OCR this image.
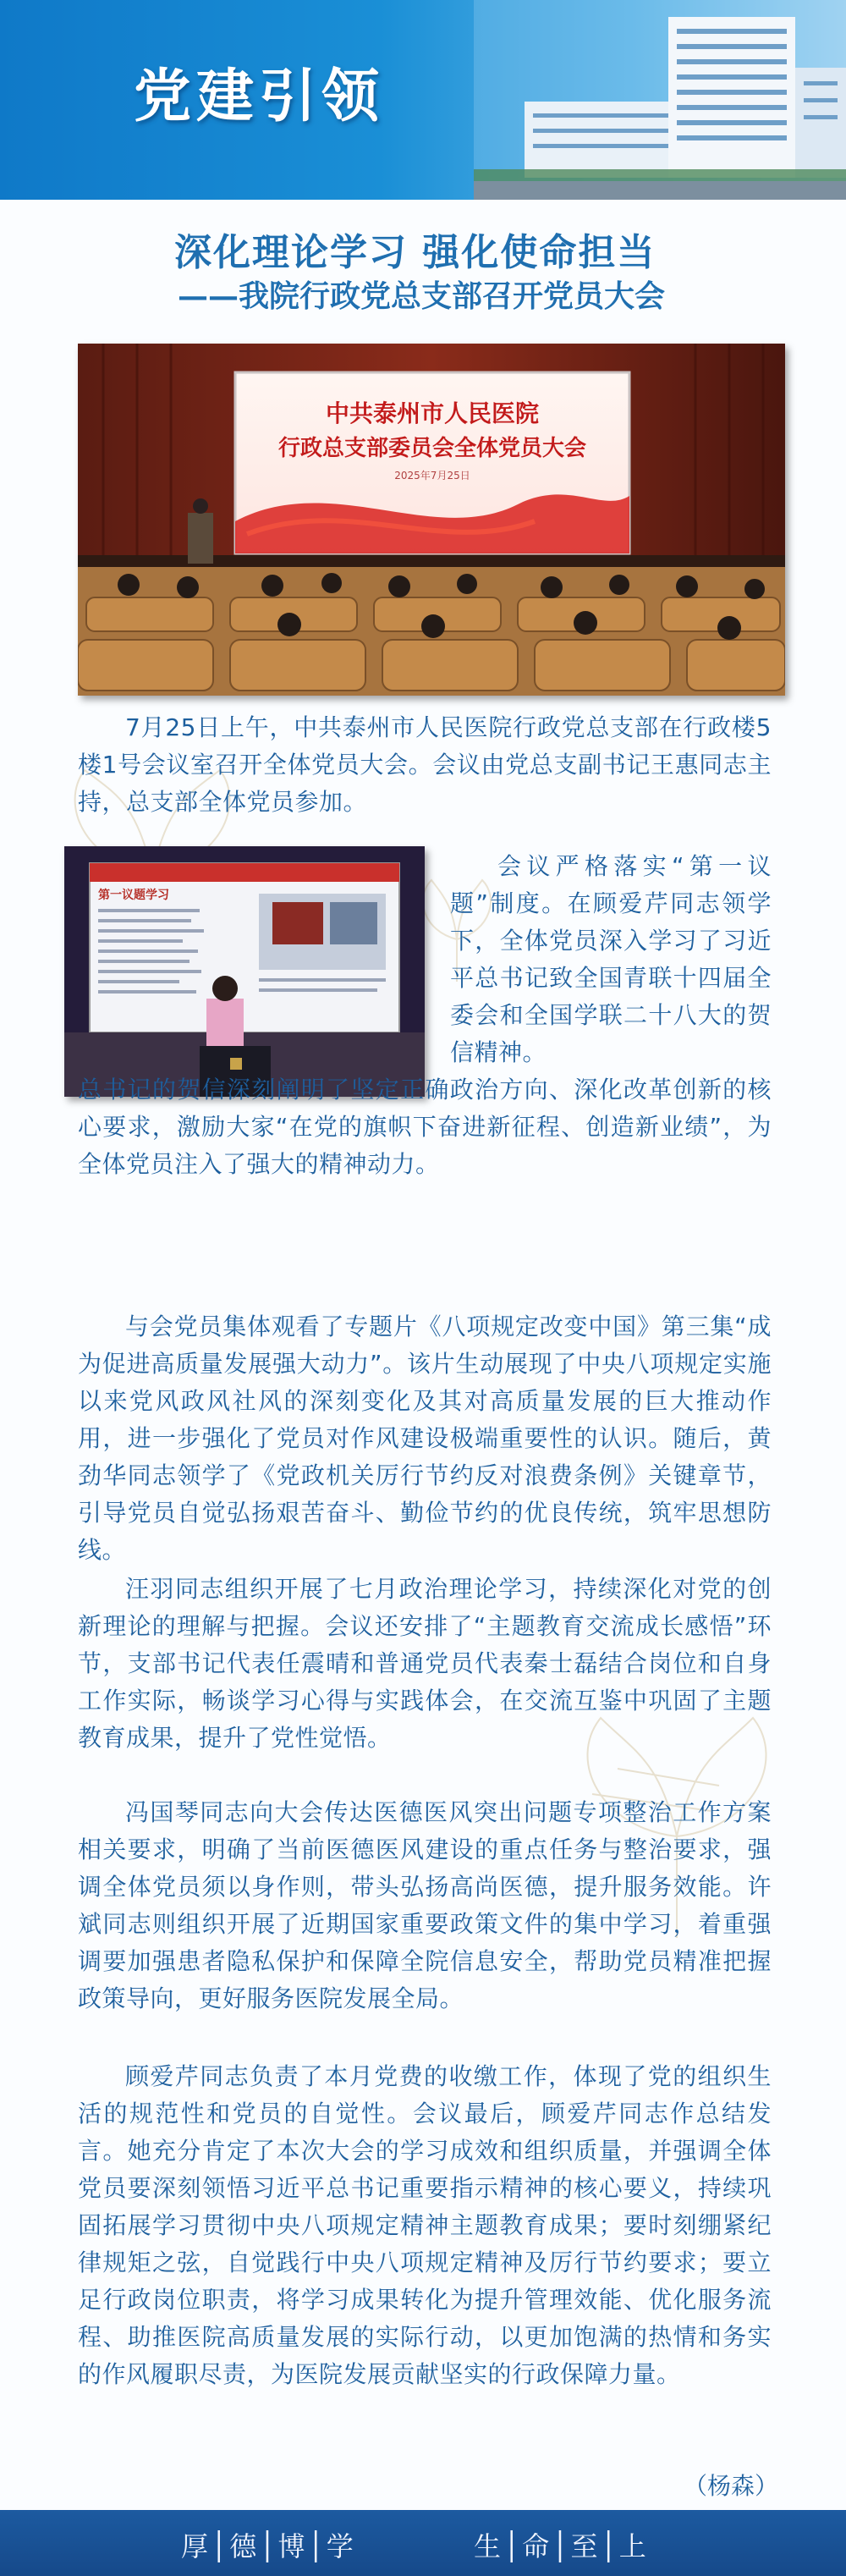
党建引领
深化理论学习 强化使命担当
——我院行政党总支部召开党员大会
中共泰州市人民医院
行政总支部委员会全体党员大会
2025年7月25日

7月25日上午，中共泰州市人民医院行政党总支部在行政楼5楼1号会议室召开全体党员大会。会议由党总支副书记王惠同志主持，总支部全体党员参加。

第一议题学习

会议严格落实“第一议题”制度。在顾爱芹同志领学下，全体党员深入学习了习近平总书记致全国青联十四届全委会和全国学联二十八大的贺信精神。

总书记的贺信深刻阐明了坚定正确政治方向、深化改革创新的核心要求，激励大家“在党的旗帜下奋进新征程、创造新业绩”，为全体党员注入了强大的精神动力。

与会党员集体观看了专题片《八项规定改变中国》第三集“成为促进高质量发展强大动力”。该片生动展现了中央八项规定实施以来党风政风社风的深刻变化及其对高质量发展的巨大推动作用，进一步强化了党员对作风建设极端重要性的认识。随后，黄劲华同志领学了《党政机关厉行节约反对浪费条例》关键章节，引导党员自觉弘扬艰苦奋斗、勤俭节约的优良传统，筑牢思想防线。

汪羽同志组织开展了七月政治理论学习，持续深化对党的创新理论的理解与把握。会议还安排了“主题教育交流成长感悟”环节，支部书记代表任震晴和普通党员代表秦士磊结合岗位和自身工作实际，畅谈学习心得与实践体会，在交流互鉴中巩固了主题教育成果，提升了党性觉悟。

冯国琴同志向大会传达医德医风突出问题专项整治工作方案相关要求，明确了当前医德医风建设的重点任务与整治要求，强调全体党员须以身作则，带头弘扬高尚医德，提升服务效能。许斌同志则组织开展了近期国家重要政策文件的集中学习，着重强调要加强患者隐私保护和保障全院信息安全，帮助党员精准把握政策导向，更好服务医院发展全局。

顾爱芹同志负责了本月党费的收缴工作，体现了党的组织生活的规范性和党员的自觉性。会议最后，顾爱芹同志作总结发言。她充分肯定了本次大会的学习成效和组织质量，并强调全体党员要深刻领悟习近平总书记重要指示精神的核心要义，持续巩固拓展学习贯彻中央八项规定精神主题教育成果；要时刻绷紧纪律规矩之弦，自觉践行中央八项规定精神及厉行节约要求；要立足行政岗位职责，将学习成果转化为提升管理效能、优化服务流程、助推医院高质量发展的实际行动，以更加饱满的热情和务实的作风履职尽责，为医院发展贡献坚实的行政保障力量。

（杨森）

厚│德│博│学	生│命│至│上
